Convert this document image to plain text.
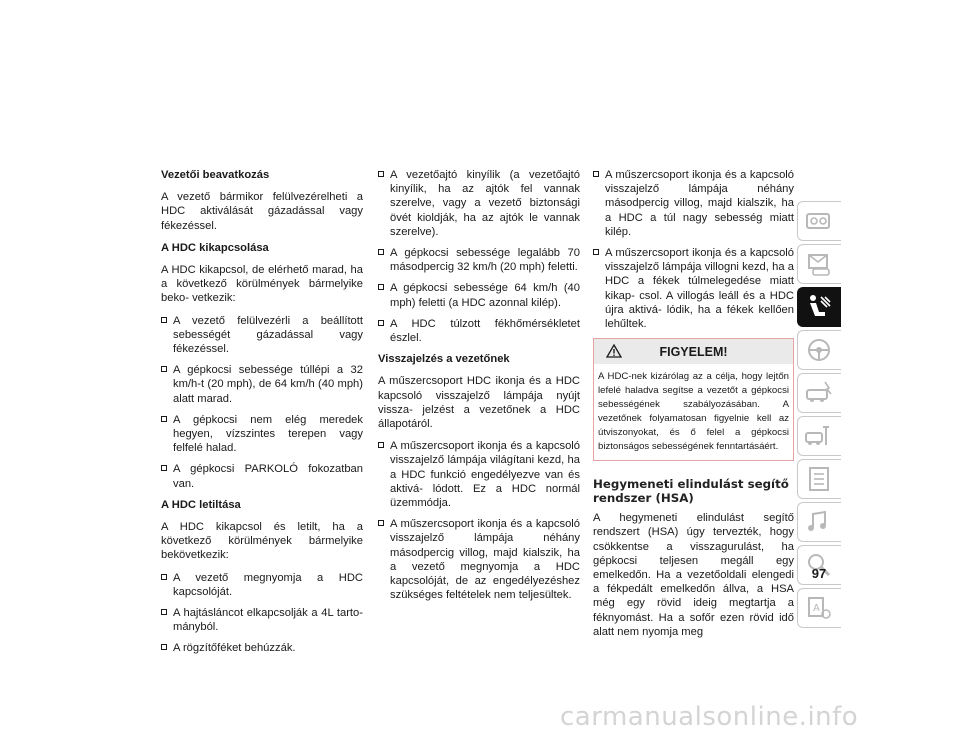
Vezetői beavatkozás
A vezető bármikor felülvezérelheti a HDC aktiválását gázadással vagy fékezéssel.
A HDC kikapcsolása
A HDC kikapcsol, de elérhető marad, ha a következő körülmények bármelyike beko- vetkezik:
A vezető felülvezérli a beállított sebességét gázadással vagy fékezéssel.
A gépkocsi sebessége túllépi a 32 km/h-t (20 mph), de 64 km/h (40 mph) alatt marad.
A gépkocsi nem elég meredek hegyen, vízszintes terepen vagy felfelé halad.
A gépkocsi PARKOLÓ fokozatban van.
A HDC letiltása
A HDC kikapcsol és letilt, ha a következő körülmények bármelyike bekövetkezik:
A vezető megnyomja a HDC kapcsolóját.
A hajtásláncot elkapcsolják a 4L tarto- mányból.
A rögzítőféket behúzzák.
A vezetőajtó kinyílik (a vezetőajtó kinyílik, ha az ajtók fel vannak szerelve, vagy a vezető biztonsági övét kioldják, ha az ajtók le vannak szerelve).
A gépkocsi sebessége legalább 70 másodpercig 32 km/h (20 mph) feletti.
A gépkocsi sebessége 64 km/h (40 mph) feletti (a HDC azonnal kilép).
A HDC túlzott fékhőmérsékletet észlel.
Visszajelzés a vezetőnek
A műszercsoport HDC ikonja és a HDC kapcsoló visszajelző lámpája nyújt vissza- jelzést a vezetőnek a HDC állapotáról.
A műszercsoport ikonja és a kapcsoló visszajelző lámpája világítani kezd, ha a HDC funkció engedélyezve van és aktivá- lódott. Ez a HDC normál üzemmódja.
A műszercsoport ikonja és a kapcsoló visszajelző lámpája néhány másodpercig villog, majd kialszik, ha a vezető megnyomja a HDC kapcsolóját, de az engedélyezéshez szükséges feltételek nem teljesültek.
A műszercsoport ikonja és a kapcsoló visszajelző lámpája néhány másodpercig villog, majd kialszik, ha a HDC a túl nagy sebesség miatt kilép.
A műszercsoport ikonja és a kapcsoló visszajelző lámpája villogni kezd, ha a HDC a fékek túlmelegedése miatt kikap- csol. A villogás leáll és a HDC újra aktivá- lódik, ha a fékek kellően lehűltek.
FIGYELEM!
A HDC-nek kizárólag az a célja, hogy lejtőn lefelé haladva segítse a vezetőt a gépkocsi sebességének szabályozásában. A vezetőnek folyamatosan figyelnie kell az útviszonyokat, és ő felel a gépkocsi biztonságos sebességének fenntartásáért.
Hegymeneti elindulást segítő rendszer (HSA)
A hegymeneti elindulást segítő rendszert (HSA) úgy tervezték, hogy csökkentse a visszagurulást, ha gépkocsi teljesen megáll egy emelkedőn. Ha a vezetőoldali elengedi a fékpedált emelkedőn állva, a HSA még egy rövid ideig megtartja a féknyomást. Ha a sofőr ezen rövid idő alatt nem nyomja meg
A
97
carmanualsonline.info
